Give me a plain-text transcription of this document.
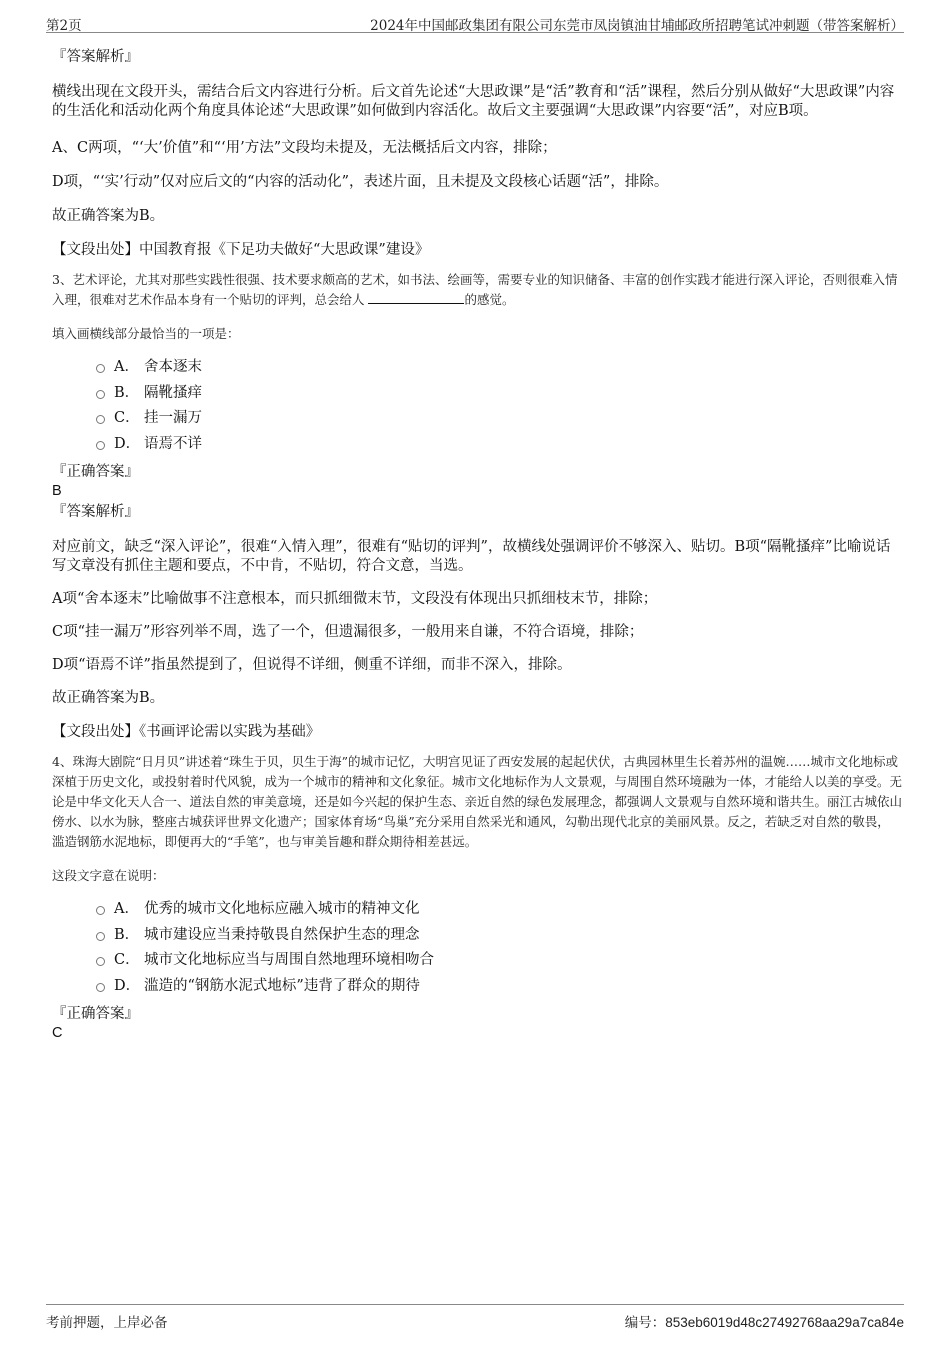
第2页	2024年中国邮政集团有限公司东莞市凤岗镇油甘埔邮政所招聘笔试冲刺题（带答案解析）

『答案解析』

横线出现在文段开头，需结合后文内容进行分析。后文首先论述“大思政课”是“活”教育和“活”课程，然后分别从做好“大思政课”内容的生活化和活动化两个角度具体论述“大思政课”如何做到内容活化。故后文主要强调“大思政课”内容要“活”，对应B项。

A、C两项，“‘大’价值”和“‘用’方法”文段均未提及，无法概括后文内容，排除；

D项，“‘实’行动”仅对应后文的“内容的活动化”，表述片面，且未提及文段核心话题“活”，排除。

故正确答案为B。

【文段出处】中国教育报《下足功夫做好“大思政课”建设》

3、艺术评论，尤其对那些实践性很强、技术要求颇高的艺术，如书法、绘画等，需要专业的知识储备、丰富的创作实践才能进行深入评论，否则很难入情入理，很难对艺术作品本身有一个贴切的评判，总会给人	的感觉。

填入画横线部分最恰当的一项是：

A． 舍本逐末
B． 隔靴搔痒
C． 挂一漏万
D． 语焉不详

『正确答案』

B

『答案解析』

对应前文，缺乏“深入评论”，很难“入情入理”，很难有“贴切的评判”，故横线处强调评价不够深入、贴切。B项“隔靴搔痒”比喻说话写文章没有抓住主题和要点，不中肯，不贴切，符合文意，当选。

A项“舍本逐末”比喻做事不注意根本，而只抓细微末节，文段没有体现出只抓细枝末节，排除；

C项“挂一漏万”形容列举不周，选了一个，但遗漏很多，一般用来自谦，不符合语境，排除；

D项“语焉不详”指虽然提到了，但说得不详细，侧重不详细，而非不深入，排除。

故正确答案为B。

【文段出处】《书画评论需以实践为基础》

4、珠海大剧院“日月贝”讲述着“珠生于贝，贝生于海”的城市记忆，大明宫见证了西安发展的起起伏伏，古典园林里生长着苏州的温婉……城市文化地标或深植于历史文化，或投射着时代风貌，成为一个城市的精神和文化象征。城市文化地标作为人文景观，与周围自然环境融为一体，才能给人以美的享受。无论是中华文化天人合一、道法自然的审美意境，还是如今兴起的保护生态、亲近自然的绿色发展理念，都强调人文景观与自然环境和谐共生。丽江古城依山傍水、以水为脉，整座古城获评世界文化遗产；国家体育场“鸟巢”充分采用自然采光和通风，勾勒出现代北京的美丽风景。反之，若缺乏对自然的敬畏，滥造钢筋水泥地标，即便再大的“手笔”，也与审美旨趣和群众期待相差甚远。

这段文字意在说明：

A． 优秀的城市文化地标应融入城市的精神文化
B． 城市建设应当秉持敬畏自然保护生态的理念
C． 城市文化地标应当与周围自然地理环境相吻合
D． 滥造的“钢筋水泥式地标”违背了群众的期待

『正确答案』

C

考前押题，上岸必备	编号：853eb6019d48c27492768aa29a7ca84e
